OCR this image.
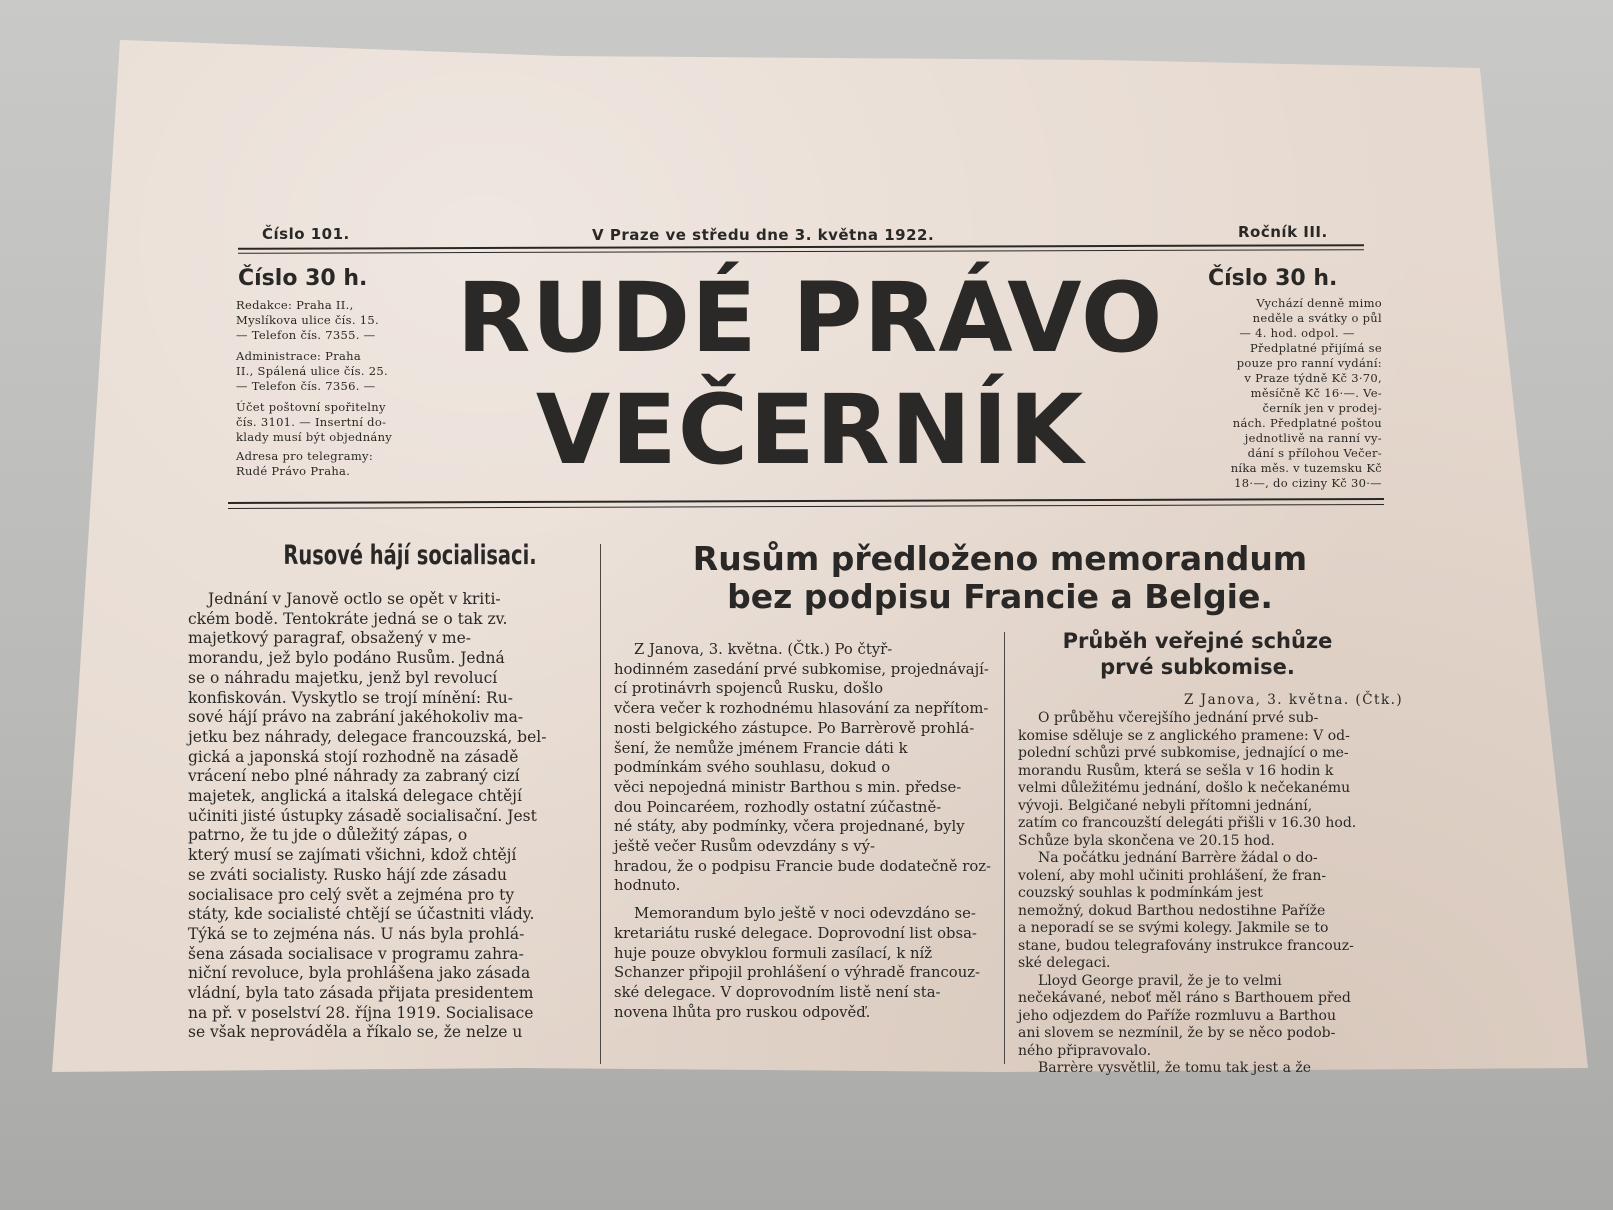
Číslo 101.	V Praze ve středu dne 3. května 1922.	Ročník III.
Číslo 30 h.
Redakce: Praha II.,
Myslíkova ulice čís. 15.
— Telefon čís. 7355. —
Administrace: Praha
II., Spálená ulice čís. 25.
— Telefon čís. 7356. —
Účet poštovní spořitelny
čís. 3101. — Insertní do-
klady musí být objednány
Adresa pro telegramy:
Rudé Právo Praha.
RUDÉ PRÁVO
VEČERNÍK
Číslo 30 h.
Vychází denně mimo
neděle a svátky o půl
— 4. hod. odpol. —
Předplatné přijímá se
pouze pro ranní vydání:
v Praze týdně Kč 3·70,
měsíčně Kč 16·—. Ve-
černík jen v prodej-
nách. Předplatné poštou
jednotlivě na ranní vy-
dání s přílohou Večer-
níka měs. v tuzemsku Kč
18·—, do ciziny Kč 30·—
Rusové hájí socialisaci.
Jednání v Janově octlo se opět v kriti-
ckém bodě. Tentokráte jedná se o tak zv.
majetkový paragraf, obsažený v me-
morandu, jež bylo podáno Rusům. Jedná
se o náhradu majetku, jenž byl revolucí
konfiskován. Vyskytlo se trojí mínění: Ru-
sové hájí právo na zabrání jakéhokoliv ma-
jetku bez náhrady, delegace francouzská, bel-
gická a japonská stojí rozhodně na zásadě
vrácení nebo plné náhrady za zabraný cizí
majetek, anglická a italská delegace chtějí
učiniti jisté ústupky zásadě socialisační. Jest
patrno, že tu jde o důležitý zápas, o
který musí se zajímati všichni, kdož chtějí
se zváti socialisty. Rusko hájí zde zásadu
socialisace pro celý svět a zejména pro ty
státy, kde socialisté chtějí se účastniti vlády.
Týká se to zejména nás. U nás byla prohlá-
šena zásada socialisace v programu zahra-
niční revoluce, byla prohlášena jako zásada
vládní, byla tato zásada přijata presidentem
na př. v poselství 28. října 1919. Socialisace
se však neprováděla a říkalo se, že nelze u
Rusům předloženo memorandum
bez podpisu Francie a Belgie.
Z Janova, 3. května. (Čtk.) Po čtyř-
hodinném zasedání prvé subkomise, projednávají-
cí protinávrh spojenců Rusku, došlo
včera večer k rozhodnému hlasování za nepřítom-
nosti belgického zástupce. Po Barrèrově prohlá-
šení, že nemůže jménem Francie dáti k
podmínkám svého souhlasu, dokud o
věci nepojedná ministr Barthou s min. předse-
dou Poincaréem, rozhodly ostatní zúčastně-
né státy, aby podmínky, včera projednané, byly
ještě večer Rusům odevzdány s vý-
hradou, že o podpisu Francie bude dodatečně roz-
hodnuto.
Memorandum bylo ještě v noci odevzdáno se-
kretariátu ruské delegace. Doprovodní list obsa-
huje pouze obvyklou formuli zasílací, k níž
Schanzer připojil prohlášení o výhradě francouz-
ské delegace. V doprovodním listě není sta-
novena lhůta pro ruskou odpověď.
Průběh veřejné schůze
prvé subkomise.
Z Janova, 3. května. (Čtk.)
O průběhu včerejšího jednání prvé sub-
komise sděluje se z anglického pramene: V od-
polední schůzi prvé subkomise, jednající o me-
morandu Rusům, která se sešla v 16 hodin k
velmi důležitému jednání, došlo k nečekanému
vývoji. Belgičané nebyli přítomni jednání,
zatím co francouzští delegáti přišli v 16.30 hod.
Schůze byla skončena ve 20.15 hod.
Na počátku jednání Barrère žádal o do-
volení, aby mohl učiniti prohlášení, že fran-
couzský souhlas k podmínkám jest
nemožný, dokud Barthou nedostihne Paříže
a neporadí se se svými kolegy. Jakmile se to
stane, budou telegrafovány instrukce francouz-
ské delegaci.
Lloyd George pravil, že je to velmi
nečekávané, neboť měl ráno s Barthouem před
jeho odjezdem do Paříže rozmluvu a Barthou
ani slovem se nezmínil, že by se něco podob-
ného připravovalo.
Barrère vysvětlil, že tomu tak jest a že
